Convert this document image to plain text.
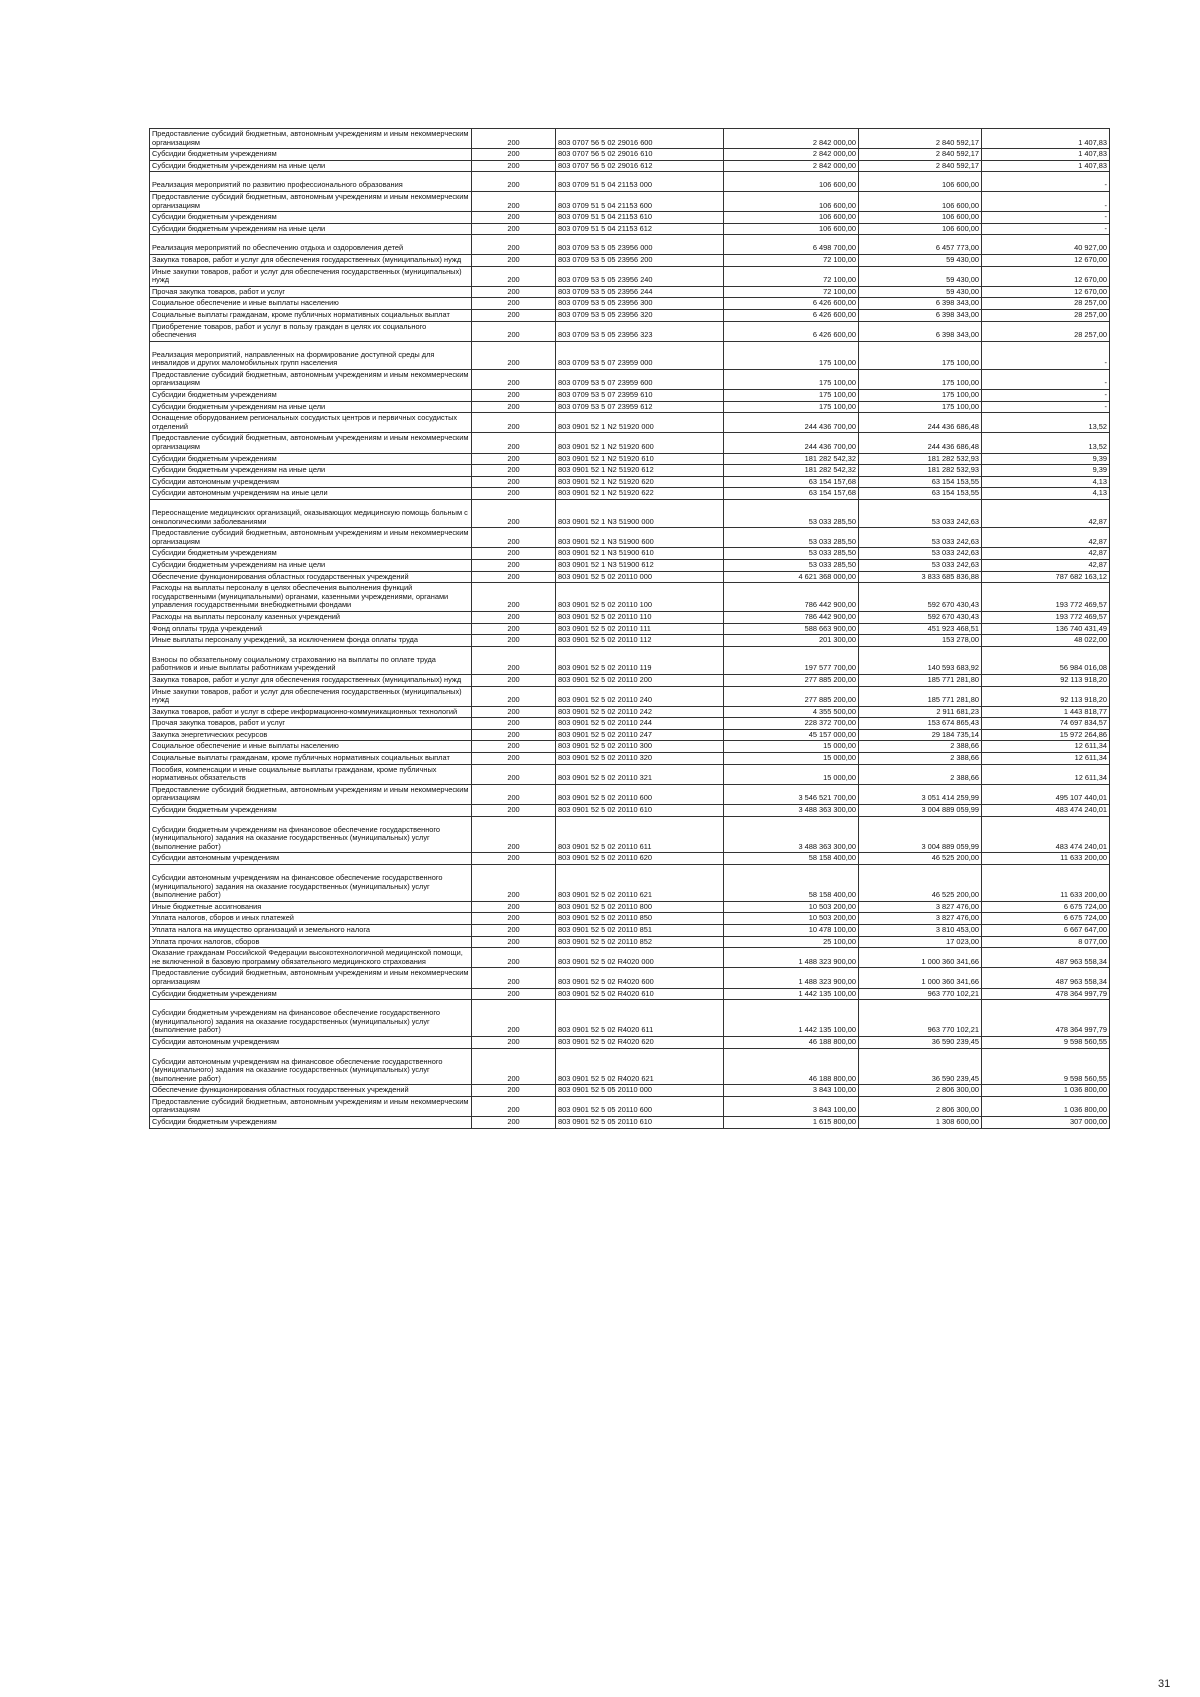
Предоставление субсидий бюджетным, автономным учреждениям и иным некоммерческим организациям	200	803 0707 56 5 02 29016 600	2 842 000,00	2 840 592,17	1 407,83
Субсидии бюджетным учреждениям	200	803 0707 56 5 02 29016 610	2 842 000,00	2 840 592,17	1 407,83
Субсидии бюджетным учреждениям на иные цели	200	803 0707 56 5 02 29016 612	2 842 000,00	2 840 592,17	1 407,83
Реализация мероприятий по развитию профессионального образования	200	803 0709 51 5 04 21153 000	106 600,00	106 600,00	-
Предоставление субсидий бюджетным, автономным учреждениям и иным некоммерческим организациям	200	803 0709 51 5 04 21153 600	106 600,00	106 600,00	-
Субсидии бюджетным учреждениям	200	803 0709 51 5 04 21153 610	106 600,00	106 600,00	-
Субсидии бюджетным учреждениям на иные цели	200	803 0709 51 5 04 21153 612	106 600,00	106 600,00	-
Реализация мероприятий по обеспечению отдыха и оздоровления детей	200	803 0709 53 5 05 23956 000	6 498 700,00	6 457 773,00	40 927,00
Закупка товаров, работ и услуг для обеспечения государственных (муниципальных) нужд	200	803 0709 53 5 05 23956 200	72 100,00	59 430,00	12 670,00
Иные закупки товаров, работ и услуг для обеспечения государственных (муниципальных) нужд	200	803 0709 53 5 05 23956 240	72 100,00	59 430,00	12 670,00
Прочая закупка товаров, работ и услуг	200	803 0709 53 5 05 23956 244	72 100,00	59 430,00	12 670,00
Социальное обеспечение и иные выплаты населению	200	803 0709 53 5 05 23956 300	6 426 600,00	6 398 343,00	28 257,00
Социальные выплаты гражданам, кроме публичных нормативных социальных выплат	200	803 0709 53 5 05 23956 320	6 426 600,00	6 398 343,00	28 257,00
Приобретение товаров, работ и услуг в пользу граждан в целях их социального обеспечения	200	803 0709 53 5 05 23956 323	6 426 600,00	6 398 343,00	28 257,00
Реализация мероприятий, направленных на формирование доступной среды для инвалидов и других маломобильных групп населения	200	803 0709 53 5 07 23959 000	175 100,00	175 100,00	-
Предоставление субсидий бюджетным, автономным учреждениям и иным некоммерческим организациям	200	803 0709 53 5 07 23959 600	175 100,00	175 100,00	-
Субсидии бюджетным учреждениям	200	803 0709 53 5 07 23959 610	175 100,00	175 100,00	-
Субсидии бюджетным учреждениям на иные цели	200	803 0709 53 5 07 23959 612	175 100,00	175 100,00	-
Оснащение оборудованием региональных сосудистых центров и первичных сосудистых отделений	200	803 0901 52 1 N2 51920 000	244 436 700,00	244 436 686,48	13,52
Предоставление субсидий бюджетным, автономным учреждениям и иным некоммерческим организациям	200	803 0901 52 1 N2 51920 600	244 436 700,00	244 436 686,48	13,52
Субсидии бюджетным учреждениям	200	803 0901 52 1 N2 51920 610	181 282 542,32	181 282 532,93	9,39
Субсидии бюджетным учреждениям на иные цели	200	803 0901 52 1 N2 51920 612	181 282 542,32	181 282 532,93	9,39
Субсидии автономным учреждениям	200	803 0901 52 1 N2 51920 620	63 154 157,68	63 154 153,55	4,13
Субсидии автономным учреждениям на иные цели	200	803 0901 52 1 N2 51920 622	63 154 157,68	63 154 153,55	4,13
Переоснащение медицинских организаций, оказывающих медицинскую помощь больным с онкологическими заболеваниями	200	803 0901 52 1 N3 51900 000	53 033 285,50	53 033 242,63	42,87
Предоставление субсидий бюджетным, автономным учреждениям и иным некоммерческим организациям	200	803 0901 52 1 N3 51900 600	53 033 285,50	53 033 242,63	42,87
Субсидии бюджетным учреждениям	200	803 0901 52 1 N3 51900 610	53 033 285,50	53 033 242,63	42,87
Субсидии бюджетным учреждениям на иные цели	200	803 0901 52 1 N3 51900 612	53 033 285,50	53 033 242,63	42,87
Обеспечение функционирования областных государственных учреждений	200	803 0901 52 5 02 20110 000	4 621 368 000,00	3 833 685 836,88	787 682 163,12
Расходы на выплаты персоналу в целях обеспечения выполнения функций государственными (муниципальными) органами, казенными учреждениями, органами управления государственными внебюджетными фондами	200	803 0901 52 5 02 20110 100	786 442 900,00	592 670 430,43	193 772 469,57
Расходы на выплаты персоналу казенных учреждений	200	803 0901 52 5 02 20110 110	786 442 900,00	592 670 430,43	193 772 469,57
Фонд оплаты труда учреждений	200	803 0901 52 5 02 20110 111	588 663 900,00	451 923 468,51	136 740 431,49
Иные выплаты персоналу учреждений, за исключением фонда оплаты труда	200	803 0901 52 5 02 20110 112	201 300,00	153 278,00	48 022,00
Взносы по обязательному социальному страхованию на выплаты по оплате труда работников и иные выплаты работникам учреждений	200	803 0901 52 5 02 20110 119	197 577 700,00	140 593 683,92	56 984 016,08
Закупка товаров, работ и услуг для обеспечения государственных (муниципальных) нужд	200	803 0901 52 5 02 20110 200	277 885 200,00	185 771 281,80	92 113 918,20
Иные закупки товаров, работ и услуг для обеспечения государственных (муниципальных) нужд	200	803 0901 52 5 02 20110 240	277 885 200,00	185 771 281,80	92 113 918,20
Закупка товаров, работ и услуг в сфере информационно-коммуникационных технологий	200	803 0901 52 5 02 20110 242	4 355 500,00	2 911 681,23	1 443 818,77
Прочая закупка товаров, работ и услуг	200	803 0901 52 5 02 20110 244	228 372 700,00	153 674 865,43	74 697 834,57
Закупка энергетических ресурсов	200	803 0901 52 5 02 20110 247	45 157 000,00	29 184 735,14	15 972 264,86
Социальное обеспечение и иные выплаты населению	200	803 0901 52 5 02 20110 300	15 000,00	2 388,66	12 611,34
Социальные выплаты гражданам, кроме публичных нормативных социальных выплат	200	803 0901 52 5 02 20110 320	15 000,00	2 388,66	12 611,34
Пособия, компенсации и иные социальные выплаты гражданам, кроме публичных нормативных обязательств	200	803 0901 52 5 02 20110 321	15 000,00	2 388,66	12 611,34
Предоставление субсидий бюджетным, автономным учреждениям и иным некоммерческим организациям	200	803 0901 52 5 02 20110 600	3 546 521 700,00	3 051 414 259,99	495 107 440,01
Субсидии бюджетным учреждениям	200	803 0901 52 5 02 20110 610	3 488 363 300,00	3 004 889 059,99	483 474 240,01
Субсидии бюджетным учреждениям на финансовое обеспечение государственного (муниципального) задания на оказание государственных (муниципальных) услуг (выполнение работ)	200	803 0901 52 5 02 20110 611	3 488 363 300,00	3 004 889 059,99	483 474 240,01
Субсидии автономным учреждениям	200	803 0901 52 5 02 20110 620	58 158 400,00	46 525 200,00	11 633 200,00
Субсидии автономным учреждениям на финансовое обеспечение государственного (муниципального) задания на оказание государственных (муниципальных) услуг (выполнение работ)	200	803 0901 52 5 02 20110 621	58 158 400,00	46 525 200,00	11 633 200,00
Иные бюджетные ассигнования	200	803 0901 52 5 02 20110 800	10 503 200,00	3 827 476,00	6 675 724,00
Уплата налогов, сборов и иных платежей	200	803 0901 52 5 02 20110 850	10 503 200,00	3 827 476,00	6 675 724,00
Уплата налога на имущество организаций и земельного налога	200	803 0901 52 5 02 20110 851	10 478 100,00	3 810 453,00	6 667 647,00
Уплата прочих налогов, сборов	200	803 0901 52 5 02 20110 852	25 100,00	17 023,00	8 077,00
Оказание гражданам Российской Федерации высокотехнологичной медицинской помощи, не включенной в базовую программу обязательного медицинского страхования	200	803 0901 52 5 02 R4020 000	1 488 323 900,00	1 000 360 341,66	487 963 558,34
Предоставление субсидий бюджетным, автономным учреждениям и иным некоммерческим организациям	200	803 0901 52 5 02 R4020 600	1 488 323 900,00	1 000 360 341,66	487 963 558,34
Субсидии бюджетным учреждениям	200	803 0901 52 5 02 R4020 610	1 442 135 100,00	963 770 102,21	478 364 997,79
Субсидии бюджетным учреждениям на финансовое обеспечение государственного (муниципального) задания на оказание государственных (муниципальных) услуг (выполнение работ)	200	803 0901 52 5 02 R4020 611	1 442 135 100,00	963 770 102,21	478 364 997,79
Субсидии автономным учреждениям	200	803 0901 52 5 02 R4020 620	46 188 800,00	36 590 239,45	9 598 560,55
Субсидии автономным учреждениям на финансовое обеспечение государственного (муниципального) задания на оказание государственных (муниципальных) услуг (выполнение работ)	200	803 0901 52 5 02 R4020 621	46 188 800,00	36 590 239,45	9 598 560,55
Обеспечение функционирования областных государственных учреждений	200	803 0901 52 5 05 20110 000	3 843 100,00	2 806 300,00	1 036 800,00
Предоставление субсидий бюджетным, автономным учреждениям и иным некоммерческим организациям	200	803 0901 52 5 05 20110 600	3 843 100,00	2 806 300,00	1 036 800,00
Субсидии бюджетным учреждениям	200	803 0901 52 5 05 20110 610	1 615 800,00	1 308 600,00	307 000,00
31
